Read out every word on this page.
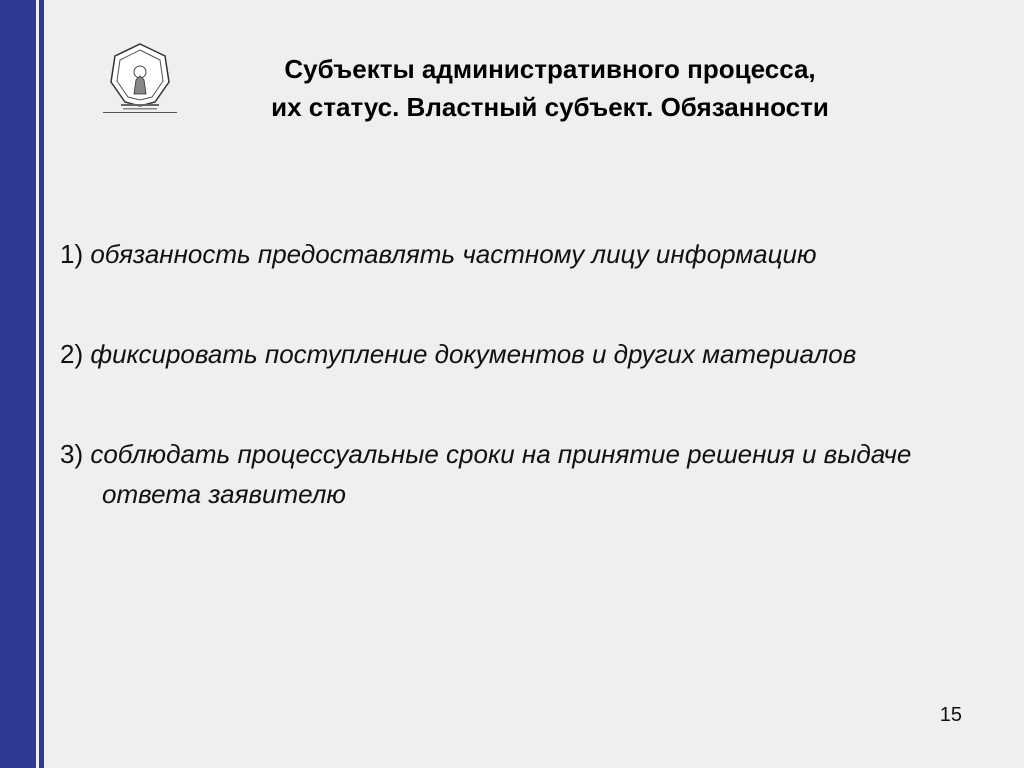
Субъекты административного процесса,
их статус. Властный субъект. Обязанности
1) обязанность предоставлять частному лицу информацию
2) фиксировать поступление документов и других материалов
3) соблюдать процессуальные сроки на принятие решения и выдаче ответа заявителю
15
